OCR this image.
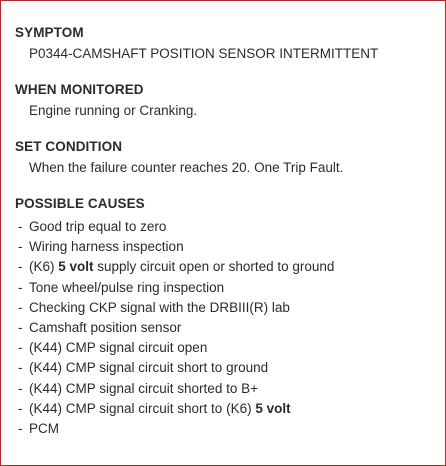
SYMPTOM
P0344-CAMSHAFT POSITION SENSOR INTERMITTENT
WHEN MONITORED
Engine running or Cranking.
SET CONDITION
When the failure counter reaches 20. One Trip Fault.
POSSIBLE CAUSES
- Good trip equal to zero
- Wiring harness inspection
- (K6) 5 volt supply circuit open or shorted to ground
- Tone wheel/pulse ring inspection
- Checking CKP signal with the DRBIII(R) lab
- Camshaft position sensor
- (K44) CMP signal circuit open
- (K44) CMP signal circuit short to ground
- (K44) CMP signal circuit shorted to B+
- (K44) CMP signal circuit short to (K6) 5 volt
- PCM
